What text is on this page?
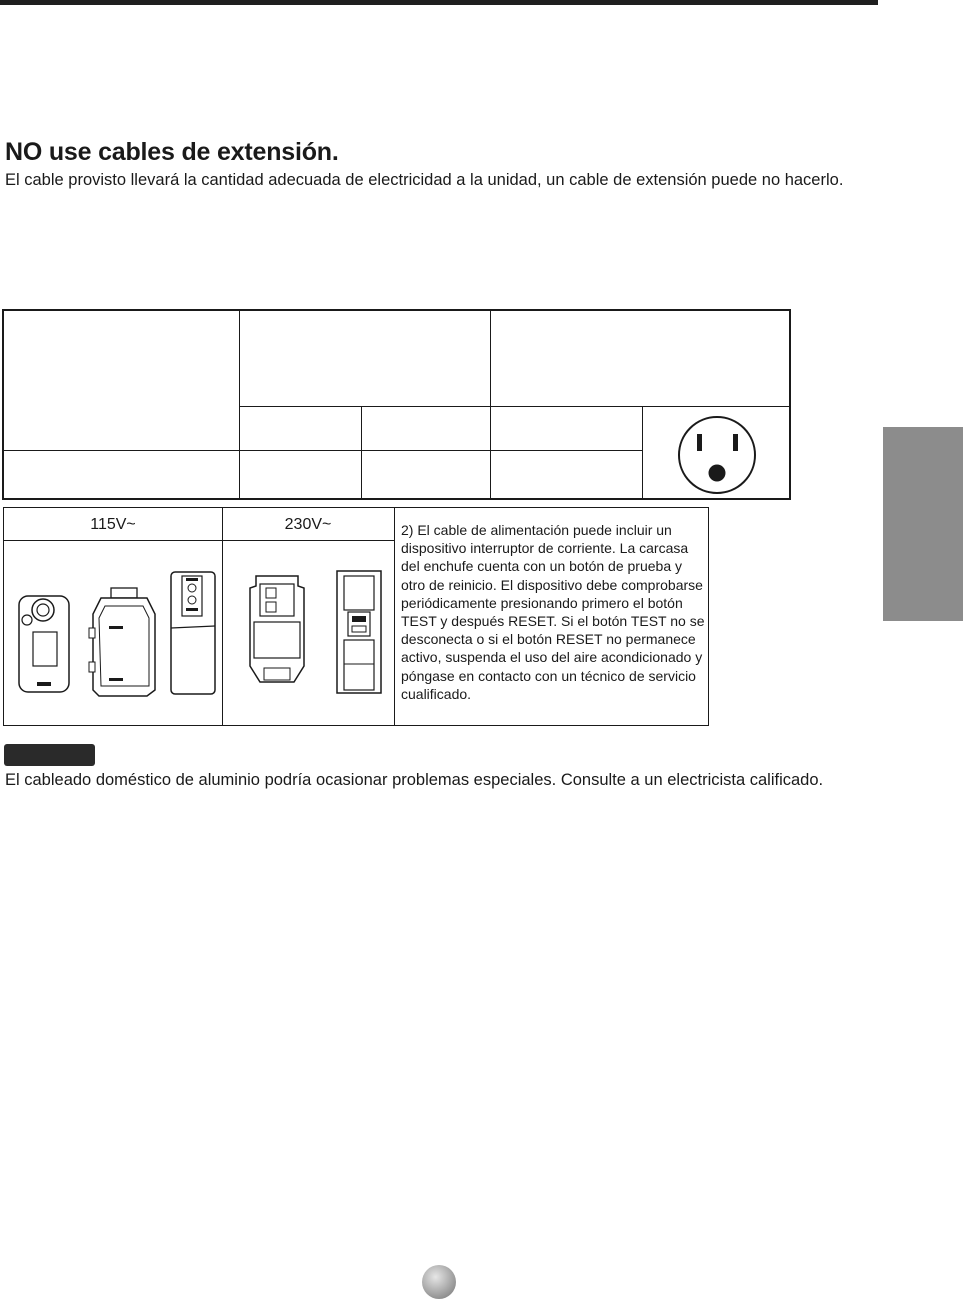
NO use cables de extensión.

El cable provisto llevará la cantidad adecuada de electricidad a la unidad, un cable de extensión puede no hacerlo.

115V~	230V~	2) El cable de alimentación puede incluir un dispositivo interruptor de corriente. La carcasa del enchufe cuenta con un botón de prueba y otro de reinicio. El dispositivo debe comprobarse periódicamente presionando primero el botón TEST y después RESET. Si el botón TEST no se desconecta o si el botón RESET no permanece activo, suspenda el uso del aire acondicionado y póngase en contacto con un técnico de servicio cualificado.

El cableado doméstico de aluminio podría ocasionar problemas especiales. Consulte a un electricista calificado.
